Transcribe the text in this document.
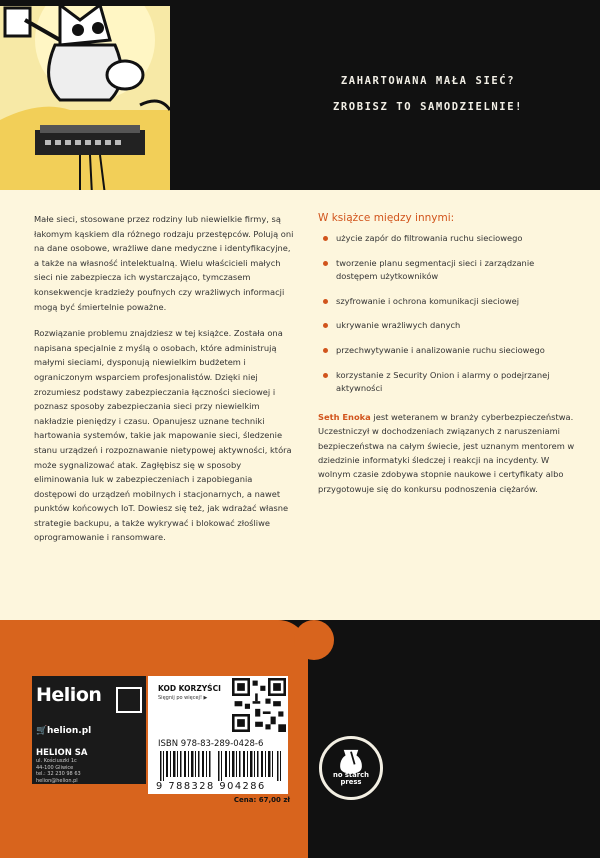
ZAHARTOWANA MAŁA SIEĆ?
ZROBISZ TO SAMODZIELNIE!

Małe sieci, stosowane przez rodziny lub niewielkie firmy, są łakomym kąskiem dla różnego rodzaju przestępców. Polują oni na dane osobowe, wrażliwe dane medyczne i identyfikacyjne, a także na własność intelektualną. Wielu właścicieli małych sieci nie zabezpiecza ich wystarczająco, tymczasem konsekwencje kradzieży poufnych czy wrażliwych informacji mogą być śmiertelnie poważne.

Rozwiązanie problemu znajdziesz w tej książce. Została ona napisana specjalnie z myślą o osobach, które administrują małymi sieciami, dysponują niewielkim budżetem i ograniczonym wsparciem profesjonalistów. Dzięki niej zrozumiesz podstawy zabezpieczania łączności sieciowej i poznasz sposoby zabezpieczania sieci przy niewielkim nakładzie pieniędzy i czasu. Opanujesz uznane techniki hartowania systemów, takie jak mapowanie sieci, śledzenie stanu urządzeń i rozpoznawanie nietypowej aktywności, która może sygnalizować atak. Zagłębisz się w sposoby eliminowania luk w zabezpieczeniach i zapobiegania dostępowi do urządzeń mobilnych i stacjonarnych, a nawet punktów końcowych IoT. Dowiesz się też, jak wdrażać własne strategie backupu, a także wykrywać i blokować złośliwe oprogramowanie i ransomware.

W książce między innymi:
użycie zapór do filtrowania ruchu sieciowego
tworzenie planu segmentacji sieci i zarządzanie dostępem użytkowników
szyfrowanie i ochrona komunikacji sieciowej
ukrywanie wrażliwych danych
przechwytywanie i analizowanie ruchu sieciowego
korzystanie z Security Onion i alarmy o podejrzanej aktywności
Seth Enoka jest weteranem w branży cyberbezpieczeństwa. Uczestniczył w dochodzeniach związanych z naruszeniami bezpieczeństwa na całym świecie, jest uznanym mentorem w dziedzinie informatyki śledczej i reakcji na incydenty. W wolnym czasie zdobywa stopnie naukowe i certyfikaty albo przygotowuje się do konkursu podnoszenia ciężarów.
Helion
🛒helion.pl
HELION SA
ul. Kościuszki 1c
44-100 Gliwice
tel.: 32 230 98 63
helion@helion.pl
KOD KORZYŚCI
Sięgnij po więcej! ▶
ISBN 978-83-289-0428-6
9 788328 904286
Cena: 67,00 zł
no starch
press
